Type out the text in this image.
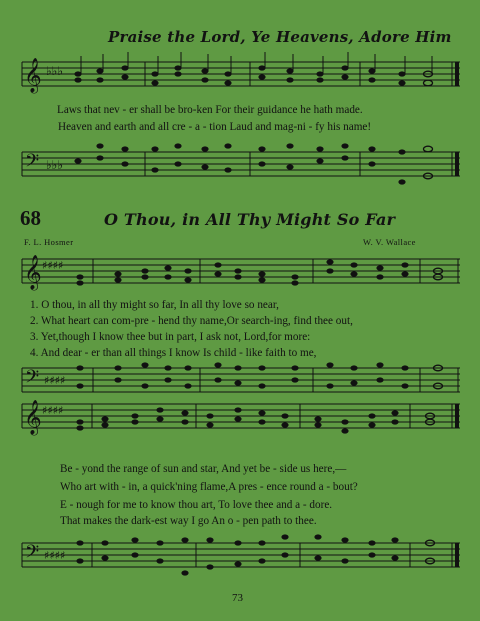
Praise the Lord, Ye Heavens, Adore Him
𝄞 ♭♭♭
Laws that nev - er shall be bro-ken For their guidance he hath made.
Heaven and earth and all cre - a - tion Laud and mag-ni - fy his name!
𝄢 ♭♭♭
68	O Thou, in All Thy Might So Far
F. L. Hosmer	W. V. Wallace
𝄞 ♯♯♯♯
1. O thou, in all thy might so far, In all thy love so near,
2. What heart can com-pre - hend thy name,Or search-ing, find thee out,
3. Yet,though I know thee but in part, I ask not, Lord,for more:
4. And dear - er than all things I know Is child - like faith to me,
𝄢 ♯♯♯♯
𝄞 ♯♯♯♯
Be - yond the range of sun and star, And yet be - side us here,—
Who art with - in, a quick'ning flame,A pres - ence round a - bout?
E - nough for me to know thou art, To love thee and a - dore.
That makes the dark-est way I go An o - pen path to thee.
𝄢 ♯♯♯♯
73
